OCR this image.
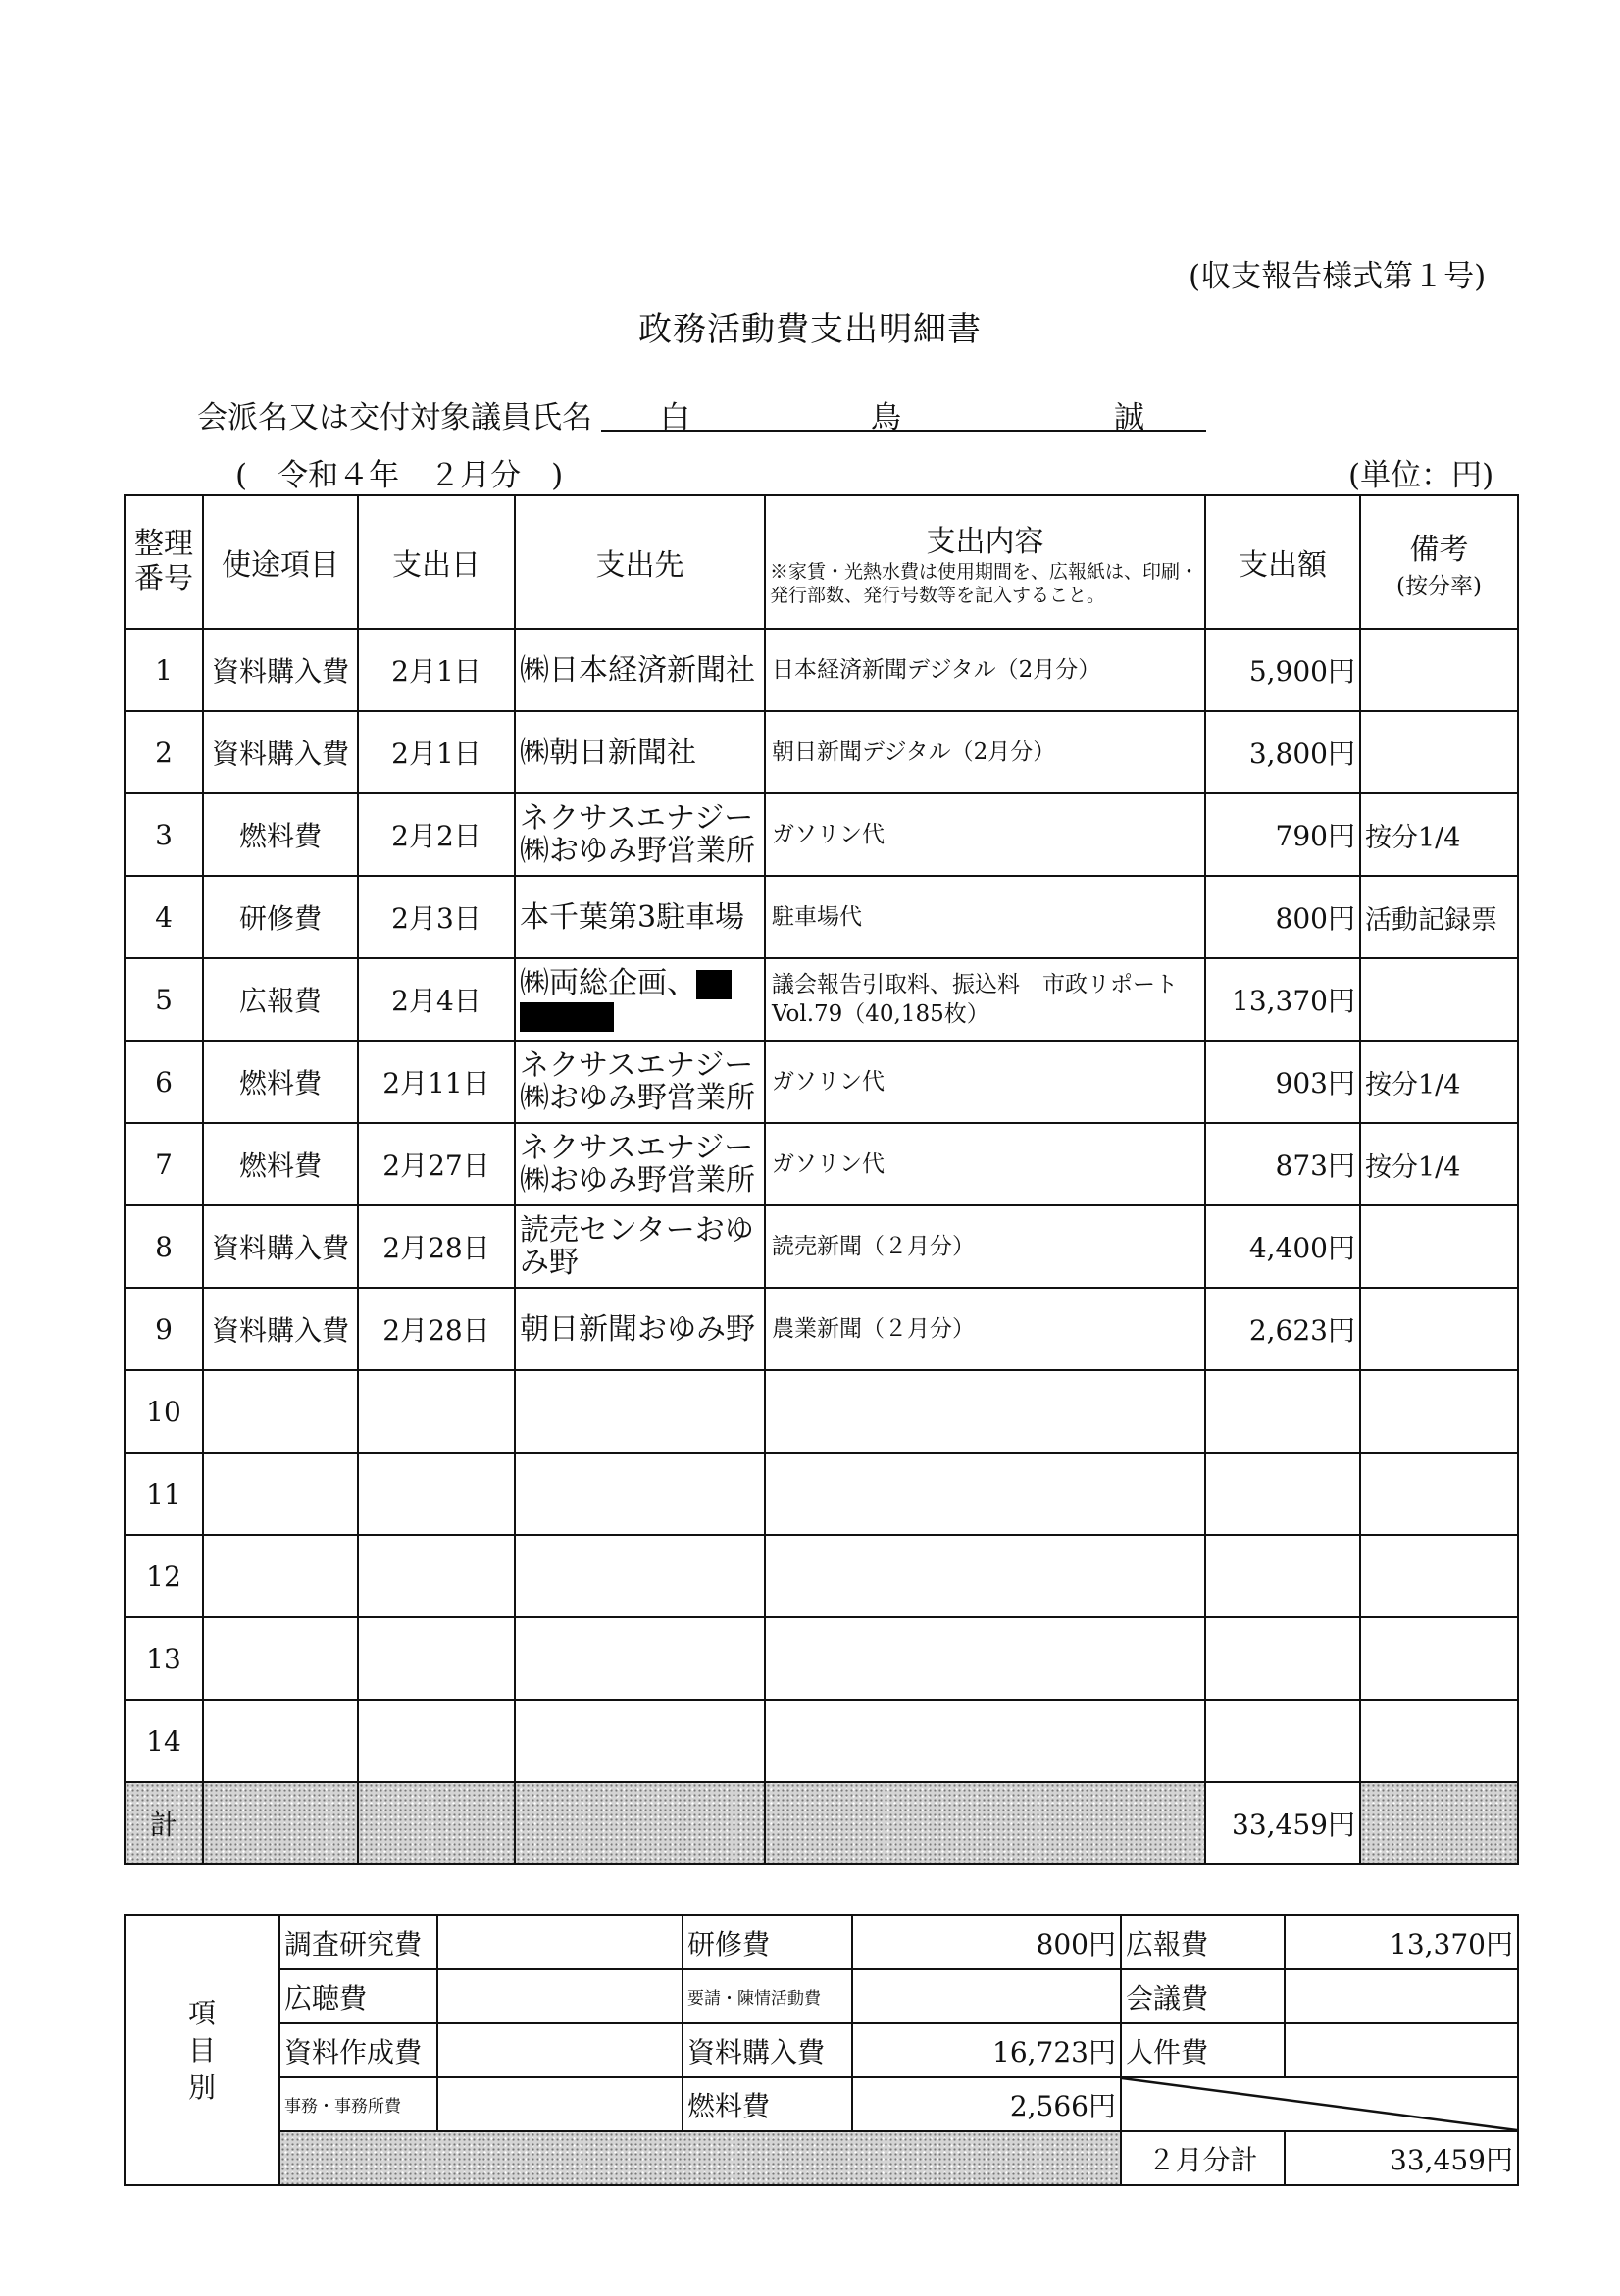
(収支報告様式第１号)
政務活動費支出明細書
会派名又は交付対象議員氏名 白	鳥	誠
(　令和４年　２月分　)	(単位：円)
整理番号	使途項目	支出日	支出先	支出内容
※家賃・光熱水費は使用期間を、広報紙は、印刷・発行部数、発行号数等を記入すること。	支出額	備考
(按分率)

1	資料購入費	2月1日	㈱日本経済新聞社	日本経済新聞デジタル（2月分）	5,900円	
2	資料購入費	2月1日	㈱朝日新聞社	朝日新聞デジタル（2月分）	3,800円	
3	燃料費	2月2日	ネクサスエナジー㈱おゆみ野営業所	ガソリン代	790円	按分1/4
4	研修費	2月3日	本千葉第3駐車場	駐車場代	800円	活動記録票
5	広報費	2月4日	㈱両総企画、	議会報告引取料、振込料　市政リポートVol.79（40,185枚）	13,370円	
6	燃料費	2月11日	ネクサスエナジー㈱おゆみ野営業所	ガソリン代	903円	按分1/4
7	燃料費	2月27日	ネクサスエナジー㈱おゆみ野営業所	ガソリン代	873円	按分1/4
8	資料購入費	2月28日	読売センターおゆみ野	読売新聞（２月分）	4,400円	
9	資料購入費	2月28日	朝日新聞おゆみ野	農業新聞（２月分）	2,623円	
10						
11						
12						
13						
14						
計					33,459円	
項目別	調査研究費		研修費	800円	広報費	13,370円
	広聴費		要請・陳情活動費		会議費	
	資料作成費		資料購入費	16,723円	人件費	
	事務・事務所費		燃料費	2,566円		
					２月分計	33,459円
